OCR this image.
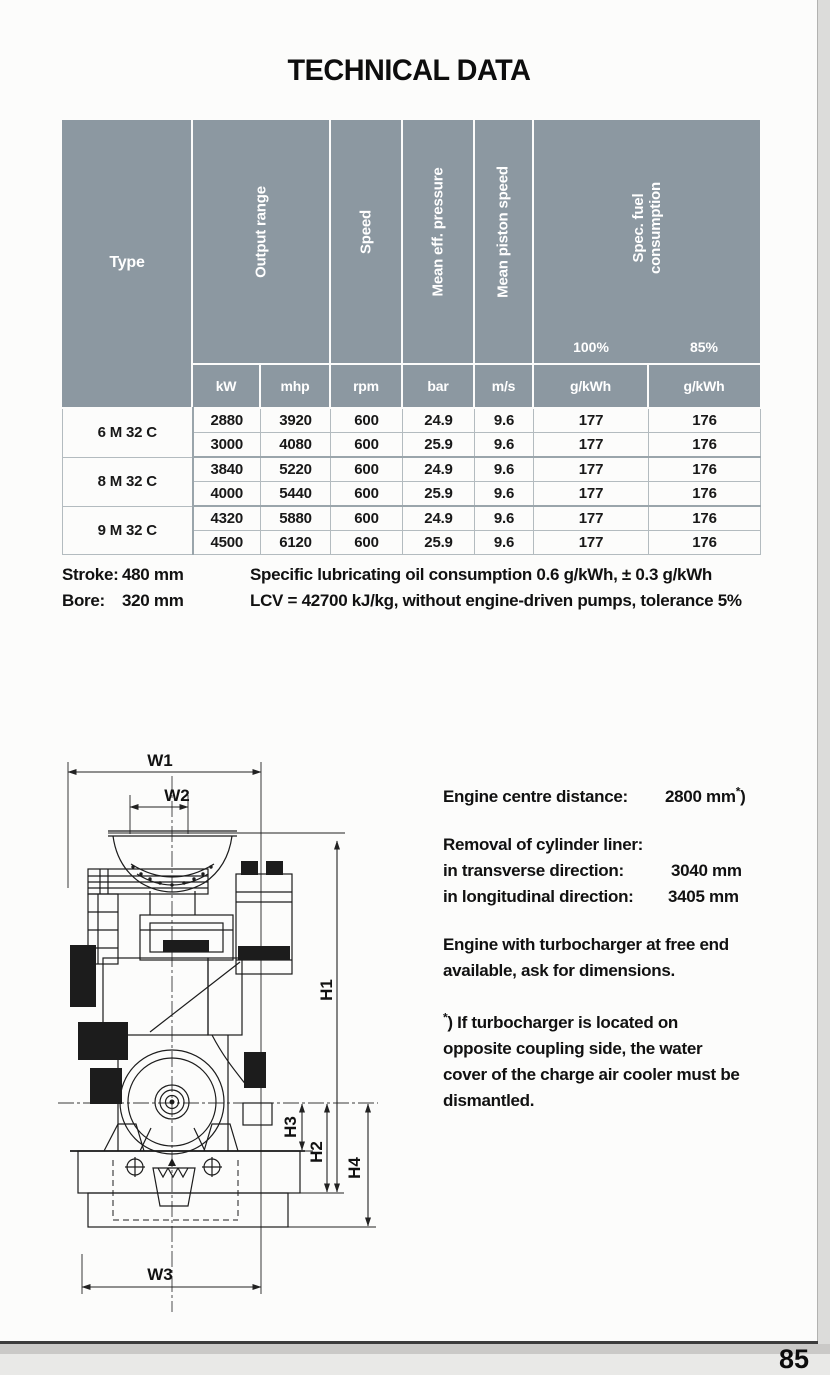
TECHNICAL DATA
Type	Output range	Speed	Mean eff. pressure	Mean piston speed	Spec. fuel consumption
100%	85%
kW	mhp	rpm	bar	m/s	g/kWh	g/kWh
6 M 32 C	2880	3920	600	24.9	9.6	177	176
	3000	4080	600	25.9	9.6	177	176
8 M 32 C	3840	5220	600	24.9	9.6	177	176
	4000	5440	600	25.9	9.6	177	176
9 M 32 C	4320	5880	600	24.9	9.6	177	176
	4500	6120	600	25.9	9.6	177	176
Stroke: 480 mm
Bore:	320 mm
Specific lubricating oil consumption 0.6 g/kWh, ± 0.3 g/kWh
LCV = 42700 kJ/kg, without engine-driven pumps, tolerance 5%
W1
W2
W3
H1
H2
H3
H4
Engine centre distance: 2800 mm*)
Removal of cylinder liner:
in transverse direction:	3040 mm
in longitudinal direction: 3405 mm
Engine with turbocharger at free end
available, ask for dimensions.
*) If turbocharger is located on
opposite coupling side, the water
cover of the charge air cooler must be
dismantled.
85
